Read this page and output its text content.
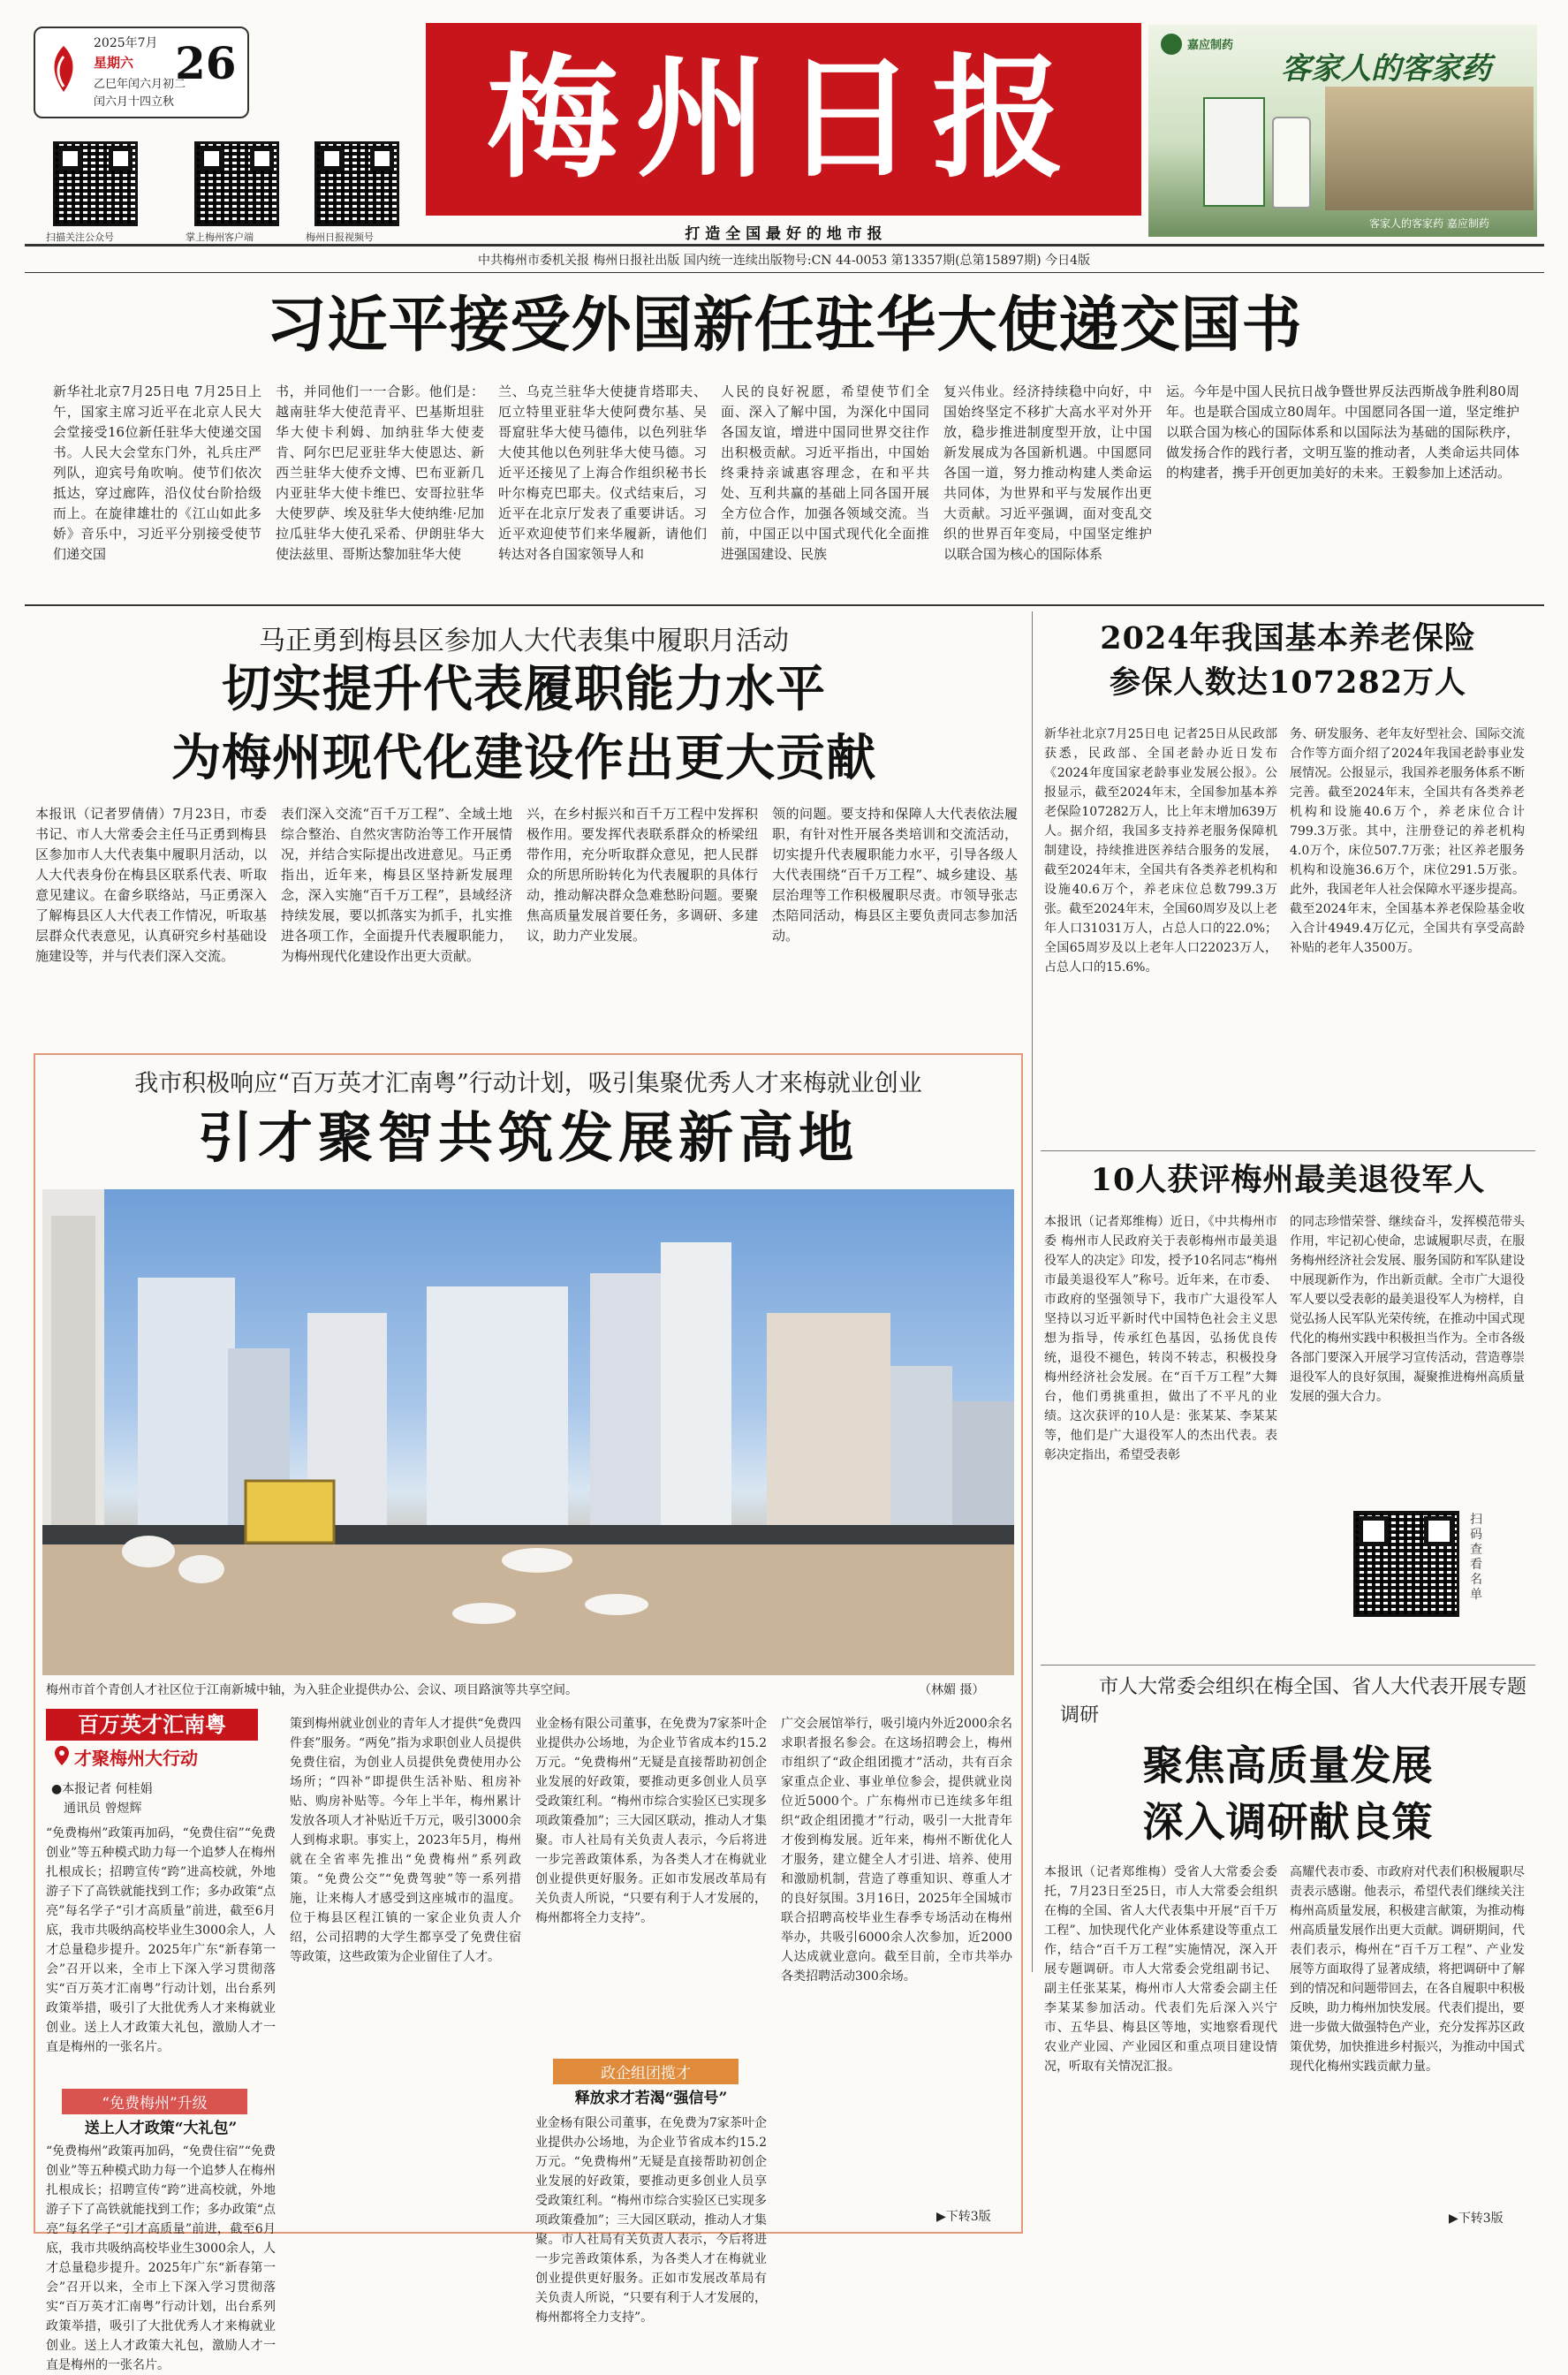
2025年7月
星期六 26
乙巳年闰六月初二
闰六月十四立秋
扫描关注公众号	掌上梅州客户端	梅州日报视频号
梅州日报
打 造 全 国 最 好 的 地 市 报
嘉应制药
客家人的客家药
客家人的客家药 嘉应制药
中共梅州市委机关报 梅州日报社出版 国内统一连续出版物号:CN 44-0053 第13357期(总第15897期) 今日4版
习近平接受外国新任驻华大使递交国书
新华社北京7月25日电 7月25日上午，国家主席习近平在北京人民大会堂接受16位新任驻华大使递交国书。人民大会堂东门外，礼兵庄严列队，迎宾号角吹响。使节们依次抵达，穿过廊阵，沿仪仗台阶拾级而上。在旋律雄壮的《江山如此多娇》音乐中，习近平分别接受使节们递交国
书，并同他们一一合影。他们是：越南驻华大使范青平、巴基斯坦驻华大使卡利姆、加纳驻华大使麦肯、阿尔巴尼亚驻华大使恩达、新西兰驻华大使乔文博、巴布亚新几内亚驻华大使卡维巴、安哥拉驻华大使罗萨、埃及驻华大使纳维·尼加拉瓜驻华大使孔采希、伊朗驻华大使法兹里、哥斯达黎加驻华大使
兰、乌克兰驻华大使捷肯塔耶夫、厄立特里亚驻华大使阿费尔基、吴哥窟驻华大使马德伟，以色列驻华大使其他以色列驻华大使马德。习近平还接见了上海合作组织秘书长叶尔梅克巴耶夫。仪式结束后，习近平在北京厅发表了重要讲话。习近平欢迎使节们来华履新，请他们转达对各自国家领导人和
人民的良好祝愿，希望使节们全面、深入了解中国，为深化中国同各国友谊，增进中国同世界交往作出积极贡献。习近平指出，中国始终秉持亲诚惠容理念，在和平共处、互利共赢的基础上同各国开展全方位合作，加强各领域交流。当前，中国正以中国式现代化全面推进强国建设、民族
复兴伟业。经济持续稳中向好，中国始终坚定不移扩大高水平对外开放，稳步推进制度型开放，让中国新发展成为各国新机遇。中国愿同各国一道，努力推动构建人类命运共同体，为世界和平与发展作出更大贡献。习近平强调，面对变乱交织的世界百年变局，中国坚定维护以联合国为核心的国际体系
运。今年是中国人民抗日战争暨世界反法西斯战争胜利80周年。也是联合国成立80周年。中国愿同各国一道，坚定维护以联合国为核心的国际体系和以国际法为基础的国际秩序，做发扬合作的践行者，文明互鉴的推动者，人类命运共同体的构建者，携手开创更加美好的未来。王毅参加上述活动。
马正勇到梅县区参加人大代表集中履职月活动
切实提升代表履职能力水平
为梅州现代化建设作出更大贡献
本报讯（记者罗倩倩）7月23日，市委书记、市人大常委会主任马正勇到梅县区参加市人大代表集中履职月活动，以人大代表身份在梅县区联系代表、听取意见建议。在畲乡联络站，马正勇深入了解梅县区人大代表工作情况，听取基层群众代表意见，认真研究乡村基础设施建设等，并与代表们深入交流。
表们深入交流“百千万工程”、全域土地综合整治、自然灾害防治等工作开展情况，并结合实际提出改进意见。马正勇指出，近年来，梅县区坚持新发展理念，深入实施“百千万工程”，县域经济持续发展，要以抓落实为抓手，扎实推进各项工作，全面提升代表履职能力，为梅州现代化建设作出更大贡献。
兴，在乡村振兴和百千万工程中发挥积极作用。要发挥代表联系群众的桥梁纽带作用，充分听取群众意见，把人民群众的所思所盼转化为代表履职的具体行动，推动解决群众急难愁盼问题。要聚焦高质量发展首要任务，多调研、多建议，助力产业发展。
领的问题。要支持和保障人大代表依法履职，有针对性开展各类培训和交流活动，切实提升代表履职能力水平，引导各级人大代表围绕“百千万工程”、城乡建设、基层治理等工作积极履职尽责。市领导张志杰陪同活动，梅县区主要负责同志参加活动。
我市积极响应“百万英才汇南粤”行动计划，吸引集聚优秀人才来梅就业创业
引才聚智共筑发展新高地
梅州市首个青创人才社区位于江南新城中轴，为入驻企业提供办公、会议、项目路演等共享空间。	（林媚 摄）
百万英才汇南粤
才聚梅州大行动
●本报记者 何桂娟
通讯员 曾煜辉
“免费梅州”政策再加码，“免费住宿”“免费创业”等五种模式助力每一个追梦人在梅州扎根成长；招聘宣传“跨”进高校就，外地游子下了高铁就能找到工作；多办政策“点亮”每名学子“引才高质量”前进，截至6月底，我市共吸纳高校毕业生3000余人，人才总量稳步提升。2025年广东“新春第一会”召开以来，全市上下深入学习贯彻落实“百万英才汇南粤”行动计划，出台系列政策举措，吸引了大批优秀人才来梅就业创业。送上人才政策大礼包，激励人才一直是梅州的一张名片。
“免费梅州”升级
送上人才政策“大礼包”
“免费梅州”政策再加码，“免费住宿”“免费创业”等五种模式助力每一个追梦人在梅州扎根成长；招聘宣传“跨”进高校就，外地游子下了高铁就能找到工作；多办政策“点亮”每名学子“引才高质量”前进，截至6月底，我市共吸纳高校毕业生3000余人，人才总量稳步提升。2025年广东“新春第一会”召开以来，全市上下深入学习贯彻落实“百万英才汇南粤”行动计划，出台系列政策举措，吸引了大批优秀人才来梅就业创业。送上人才政策大礼包，激励人才一直是梅州的一张名片。
策到梅州就业创业的青年人才提供“免费四件套”服务。“两免”指为求职创业人员提供免费住宿，为创业人员提供免费使用办公场所；“四补”即提供生活补贴、租房补贴、购房补贴等。今年上半年，梅州累计发放各项人才补贴近千万元，吸引3000余人到梅求职。事实上，2023年5月，梅州就在全省率先推出“免费梅州”系列政策。“免费公交”“免费驾驶”等一系列措施，让来梅人才感受到这座城市的温度。位于梅县区程江镇的一家企业负责人介绍，公司招聘的大学生都享受了免费住宿等政策，这些政策为企业留住了人才。
业金杨有限公司董事，在免费为7家茶叶企业提供办公场地，为企业节省成本约15.2万元。“免费梅州”无疑是直接帮助初创企业发展的好政策，要推动更多创业人员享受政策红利。“梅州市综合实验区已实现多项政策叠加”；三大园区联动，推动人才集聚。市人社局有关负责人表示，今后将进一步完善政策体系，为各类人才在梅就业创业提供更好服务。正如市发展改革局有关负责人所说，“只要有利于人才发展的，梅州都将全力支持”。
政企组团揽才
释放求才若渴“强信号”
业金杨有限公司董事，在免费为7家茶叶企业提供办公场地，为企业节省成本约15.2万元。“免费梅州”无疑是直接帮助初创企业发展的好政策，要推动更多创业人员享受政策红利。“梅州市综合实验区已实现多项政策叠加”；三大园区联动，推动人才集聚。市人社局有关负责人表示，今后将进一步完善政策体系，为各类人才在梅就业创业提供更好服务。正如市发展改革局有关负责人所说，“只要有利于人才发展的，梅州都将全力支持”。
广交会展馆举行，吸引境内外近2000余名求职者报名参会。在这场招聘会上，梅州市组织了“政企组团揽才”活动，共有百余家重点企业、事业单位参会，提供就业岗位近5000个。广东梅州市已连续多年组织“政企组团揽才”行动，吸引一大批青年才俊到梅发展。近年来，梅州不断优化人才服务，建立健全人才引进、培养、使用和激励机制，营造了尊重知识、尊重人才的良好氛围。3月16日，2025年全国城市联合招聘高校毕业生春季专场活动在梅州举办，共吸引6000余人次参加，近2000人达成就业意向。截至目前，全市共举办各类招聘活动300余场。
▶下转3版
2024年我国基本养老保险
参保人数达107282万人
新华社北京7月25日电 记者25日从民政部获悉，民政部、全国老龄办近日发布《2024年度国家老龄事业发展公报》。公报显示，截至2024年末，全国参加基本养老保险107282万人，比上年末增加639万人。据介绍，我国多支持养老服务保障机制建设，持续推进医养结合服务的发展，截至2024年末，全国共有各类养老机构和设施40.6万个，养老床位总数799.3万张。截至2024年末，全国60周岁及以上老年人口31031万人，占总人口的22.0%；全国65周岁及以上老年人口22023万人，占总人口的15.6%。
务、研发服务、老年友好型社会、国际交流合作等方面介绍了2024年我国老龄事业发展情况。公报显示，我国养老服务体系不断完善。截至2024年末，全国共有各类养老机构和设施40.6万个，养老床位合计799.3万张。其中，注册登记的养老机构4.0万个，床位507.7万张；社区养老服务机构和设施36.6万个，床位291.5万张。此外，我国老年人社会保障水平逐步提高。截至2024年末，全国基本养老保险基金收入合计4949.4万亿元，全国共有享受高龄补贴的老年人3500万。
10人获评梅州最美退役军人
本报讯（记者郑维梅）近日，《中共梅州市委 梅州市人民政府关于表彰梅州市最美退役军人的决定》印发，授予10名同志“梅州市最美退役军人”称号。近年来，在市委、市政府的坚强领导下，我市广大退役军人坚持以习近平新时代中国特色社会主义思想为指导，传承红色基因，弘扬优良传统，退役不褪色，转岗不转志，积极投身梅州经济社会发展。在“百千万工程”大舞台，他们勇挑重担，做出了不平凡的业绩。这次获评的10人是：张某某、李某某等，他们是广大退役军人的杰出代表。表彰决定指出，希望受表彰
的同志珍惜荣誉、继续奋斗，发挥模范带头作用，牢记初心使命，忠诚履职尽责，在服务梅州经济社会发展、服务国防和军队建设中展现新作为，作出新贡献。全市广大退役军人要以受表彰的最美退役军人为榜样，自觉弘扬人民军队光荣传统，在推动中国式现代化的梅州实践中积极担当作为。全市各级各部门要深入开展学习宣传活动，营造尊崇退役军人的良好氛围，凝聚推进梅州高质量发展的强大合力。
扫码查看名单
市人大常委会组织在梅全国、省人大代表开展专题调研
聚焦高质量发展
深入调研献良策
本报讯（记者郑维梅）受省人大常委会委托，7月23日至25日，市人大常委会组织在梅的全国、省人大代表集中开展“百千万工程”、加快现代化产业体系建设等重点工作，结合“百千万工程”实施情况，深入开展专题调研。市人大常委会党组副书记、副主任张某某，梅州市人大常委会副主任李某某参加活动。代表们先后深入兴宁市、五华县、梅县区等地，实地察看现代农业产业园、产业园区和重点项目建设情况，听取有关情况汇报。
高耀代表市委、市政府对代表们积极履职尽责表示感谢。他表示，希望代表们继续关注梅州高质量发展，积极建言献策，为推动梅州高质量发展作出更大贡献。调研期间，代表们表示，梅州在“百千万工程”、产业发展等方面取得了显著成绩，将把调研中了解到的情况和问题带回去，在各自履职中积极反映，助力梅州加快发展。代表们提出，要进一步做大做强特色产业，充分发挥苏区政策优势，加快推进乡村振兴，为推动中国式现代化梅州实践贡献力量。
▶下转3版
